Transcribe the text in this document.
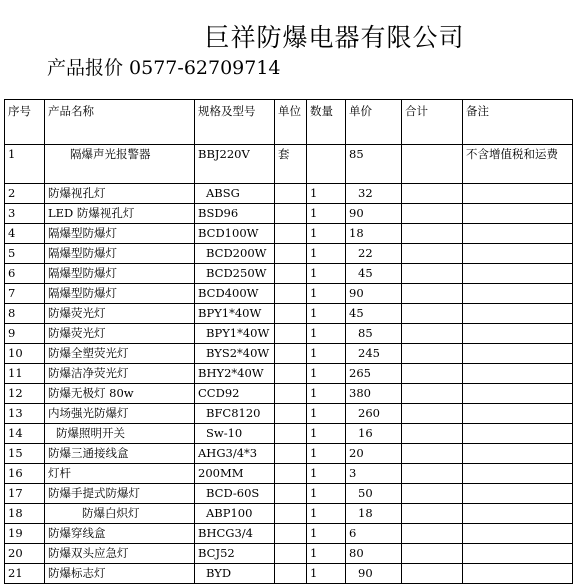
巨祥防爆电器有限公司
产品报价 0577-62709714
序号	产品名称	规格及型号	单位	数量	单价	合计	备注
1	隔爆声光报警器	BBJ220V	套		85		不含增值税和运费
2	防爆视孔灯	ABSG		1	32		
3	LED 防爆视孔灯	BSD96		1	90		
4	隔爆型防爆灯	BCD100W		1	18		
5	隔爆型防爆灯	BCD200W		1	22		
6	隔爆型防爆灯	BCD250W		1	45		
7	隔爆型防爆灯	BCD400W		1	90		
8	防爆荧光灯	BPY1*40W		1	45		
9	防爆荧光灯	BPY1*40W		1	85		
10	防爆全塑荧光灯	BYS2*40W		1	245		
11	防爆洁净荧光灯	BHY2*40W		1	265		
12	防爆无极灯 80w	CCD92		1	380		
13	内场强光防爆灯	BFC8120		1	260		
14	防爆照明开关	Sw-10		1	16		
15	防爆三通接线盒	AHG3/4*3		1	20		
16	灯杆	200MM		1	3		
17	防爆手提式防爆灯	BCD-60S		1	50		
18	防爆白炽灯	ABP100		1	18		
19	防爆穿线盒	BHCG3/4		1	6		
20	防爆双头应急灯	BCJ52		1	80		
21	防爆标志灯	BYD		1	90		
